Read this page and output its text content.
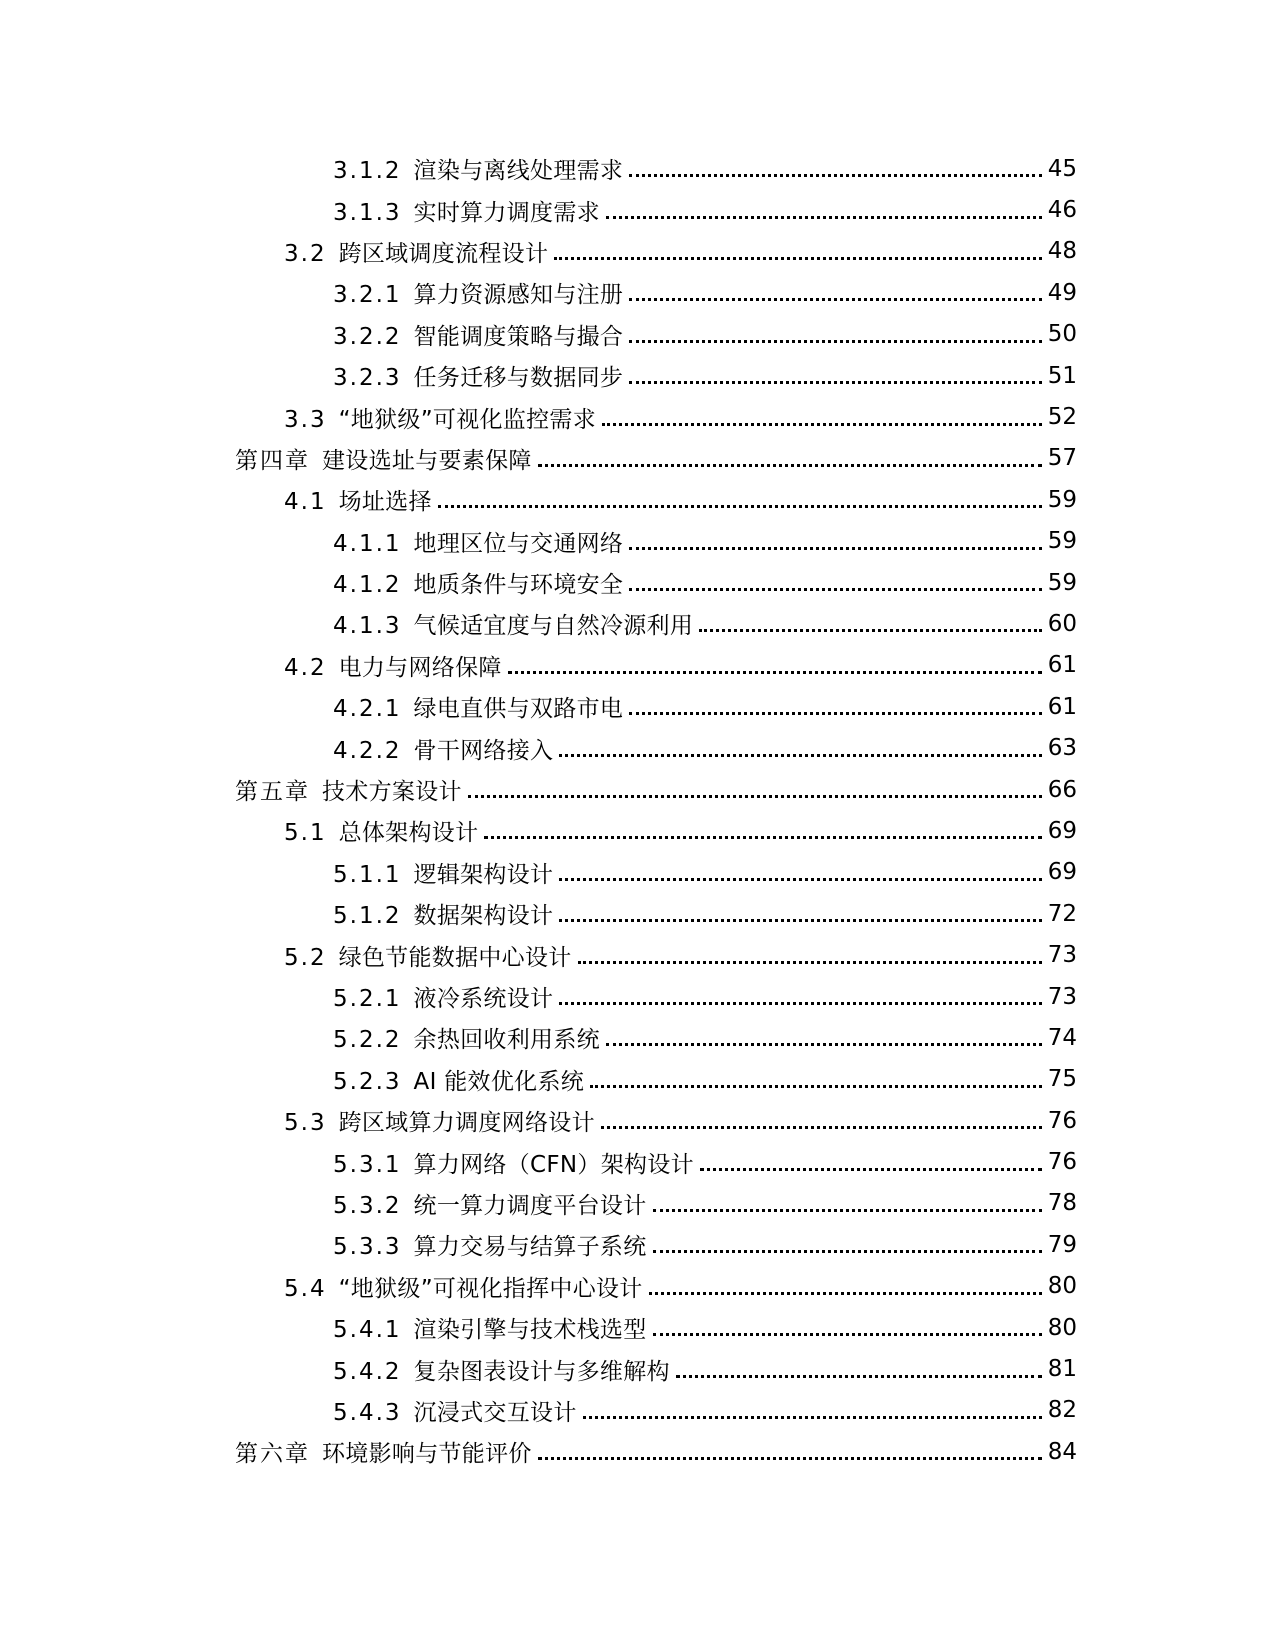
3.1.2 渲染与离线处理需求	45
3.1.3 实时算力调度需求	46
3.2 跨区域调度流程设计	48
3.2.1 算力资源感知与注册	49
3.2.2 智能调度策略与撮合	50
3.2.3 任务迁移与数据同步	51
3.3 “地狱级”可视化监控需求	52
第四章 建设选址与要素保障	57
4.1 场址选择	59
4.1.1 地理区位与交通网络	59
4.1.2 地质条件与环境安全	59
4.1.3 气候适宜度与自然冷源利用	60
4.2 电力与网络保障	61
4.2.1 绿电直供与双路市电	61
4.2.2 骨干网络接入	63
第五章 技术方案设计	66
5.1 总体架构设计	69
5.1.1 逻辑架构设计	69
5.1.2 数据架构设计	72
5.2 绿色节能数据中心设计	73
5.2.1 液冷系统设计	73
5.2.2 余热回收利用系统	74
5.2.3 AI 能效优化系统	75
5.3 跨区域算力调度网络设计	76
5.3.1 算力网络（CFN）架构设计	76
5.3.2 统一算力调度平台设计	78
5.3.3 算力交易与结算子系统	79
5.4 “地狱级”可视化指挥中心设计	80
5.4.1 渲染引擎与技术栈选型	80
5.4.2 复杂图表设计与多维解构	81
5.4.3 沉浸式交互设计	82
第六章 环境影响与节能评价	84
